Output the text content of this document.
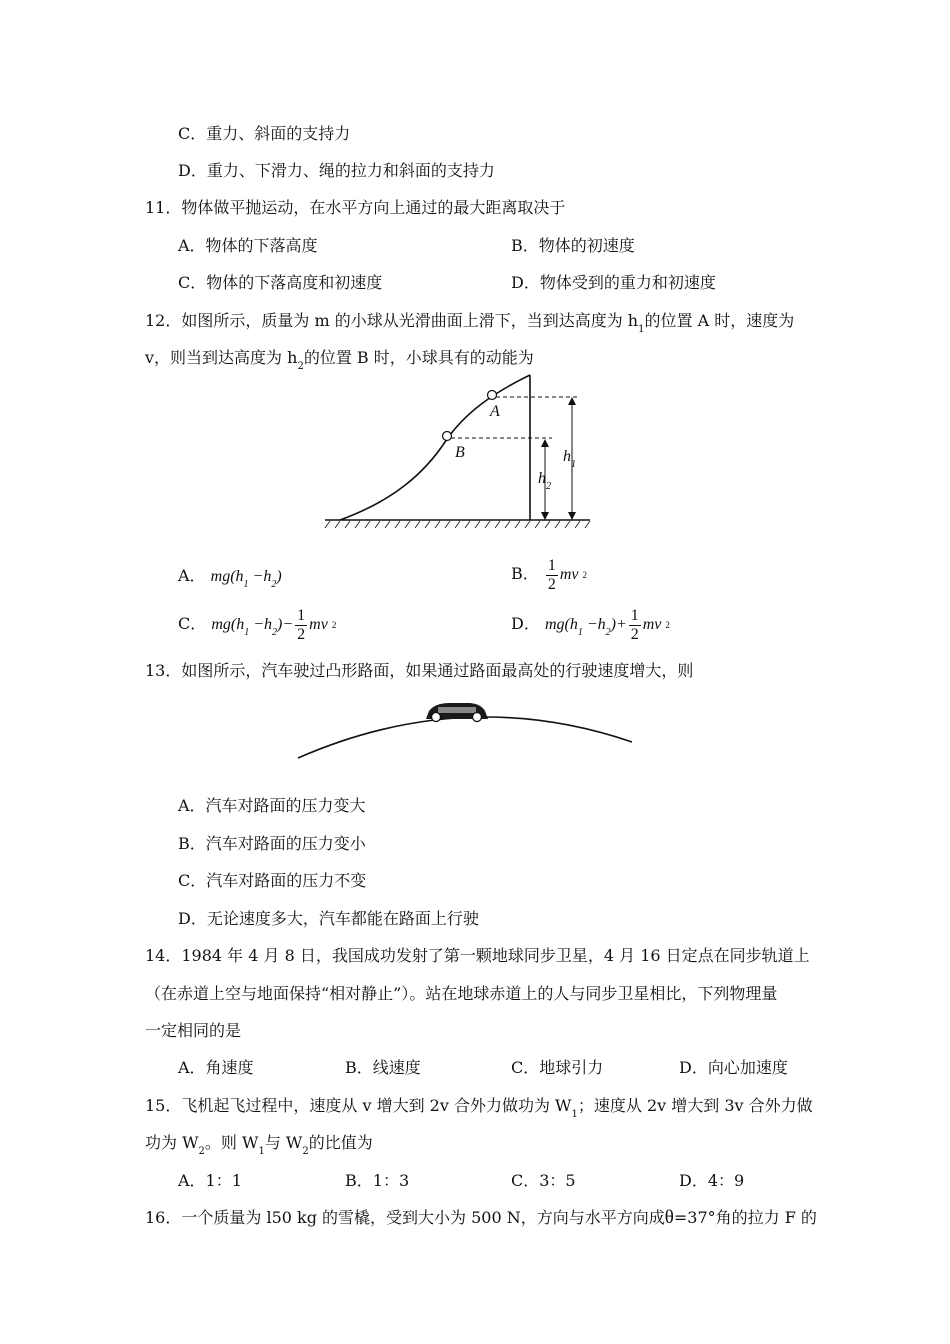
C．重力、斜面的支持力
D．重力、下滑力、绳的拉力和斜面的支持力
11．物体做平抛运动，在水平方向上通过的最大距离取决于
A．物体的下落高度	B．物体的初速度
C．物体的下落高度和初速度	D．物体受到的重力和初速度
12．如图所示，质量为 m 的小球从光滑曲面上滑下，当到达高度为 $h_1$的位置 A 时，速度为
v，则当到达高度为 $h_2$的位置 B 时，小球具有的动能为
A
B	$h_1$
$h_2$
A． $mg(h_1 -h_2)$	B． $\frac{1}{2}$ mv 2
C． $mg(h_1 -h_2)- \frac{1}{2}$ mv 2	D． $mg(h_1 -h_2)+ \frac{1}{2}$ mv 2
13．如图所示，汽车驶过凸形路面，如果通过路面最高处的行驶速度增大，则
A．汽车对路面的压力变大
B．汽车对路面的压力变小
C．汽车对路面的压力不变
D．无论速度多大，汽车都能在路面上行驶
14．1984 年 4 月 8 日，我国成功发射了第一颗地球同步卫星，4 月 16 日定点在同步轨道上
（在赤道上空与地面保持“相对静止”）。站在地球赤道上的人与同步卫星相比，下列物理量
一定相同的是
A．角速度	B．线速度	C．地球引力	D．向心加速度
15．飞机起飞过程中，速度从 v 增大到 2v 合外力做功为 $W_1$；速度从 2v 增大到 3v 合外力做
功为 $W_2$。则 $W_1$与 $W_2$的比值为
A．1：1	B．1：3	C．3：5	D．4：9
16．一个质量为 l50 kg 的雪橇，受到大小为 500 N，方向与水平方向成θ=37°角的拉力 F 的
